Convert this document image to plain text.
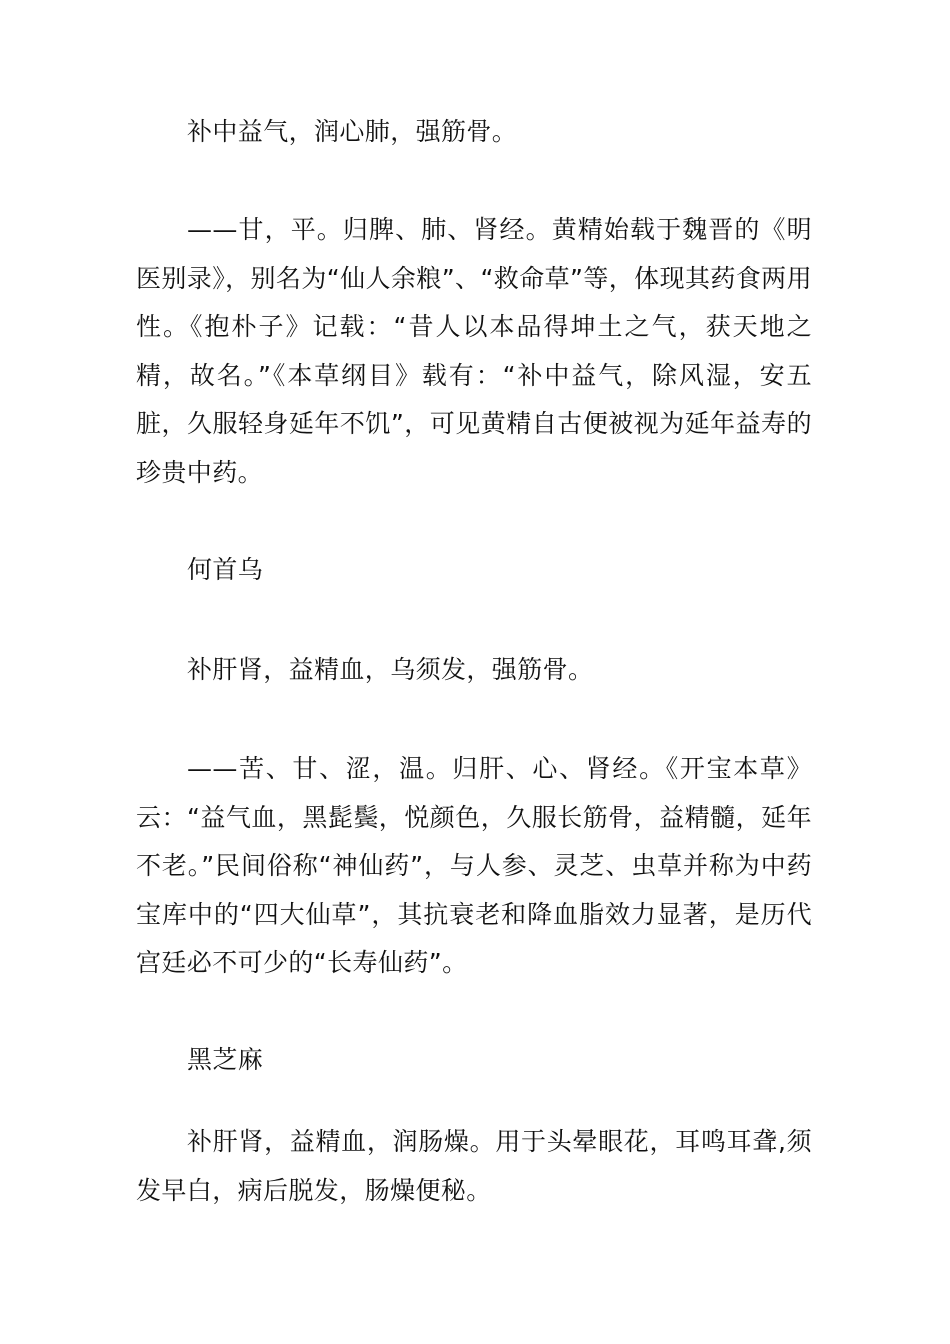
补中益气，润心肺，强筋骨。

——甘，平。归脾、肺、肾经。黄精始载于魏晋的《明医别录》，别名为“仙人余粮”、“救命草”等，体现其药食两用性。《抱朴子》记载：“昔人以本品得坤土之气，获天地之精，故名。”《本草纲目》载有：“补中益气，除风湿，安五脏，久服轻身延年不饥”，可见黄精自古便被视为延年益寿的珍贵中药。

何首乌

补肝肾，益精血，乌须发，强筋骨。

——苦、甘、涩，温。归肝、心、肾经。《开宝本草》云：“益气血，黑髭鬓，悦颜色，久服长筋骨，益精髓，延年不老。”民间俗称“神仙药”，与人参、灵芝、虫草并称为中药宝库中的“四大仙草”，其抗衰老和降血脂效力显著，是历代宫廷必不可少的“长寿仙药”。

黑芝麻

补肝肾，益精血，润肠燥。用于头晕眼花，耳鸣耳聋,须发早白，病后脱发，肠燥便秘。
